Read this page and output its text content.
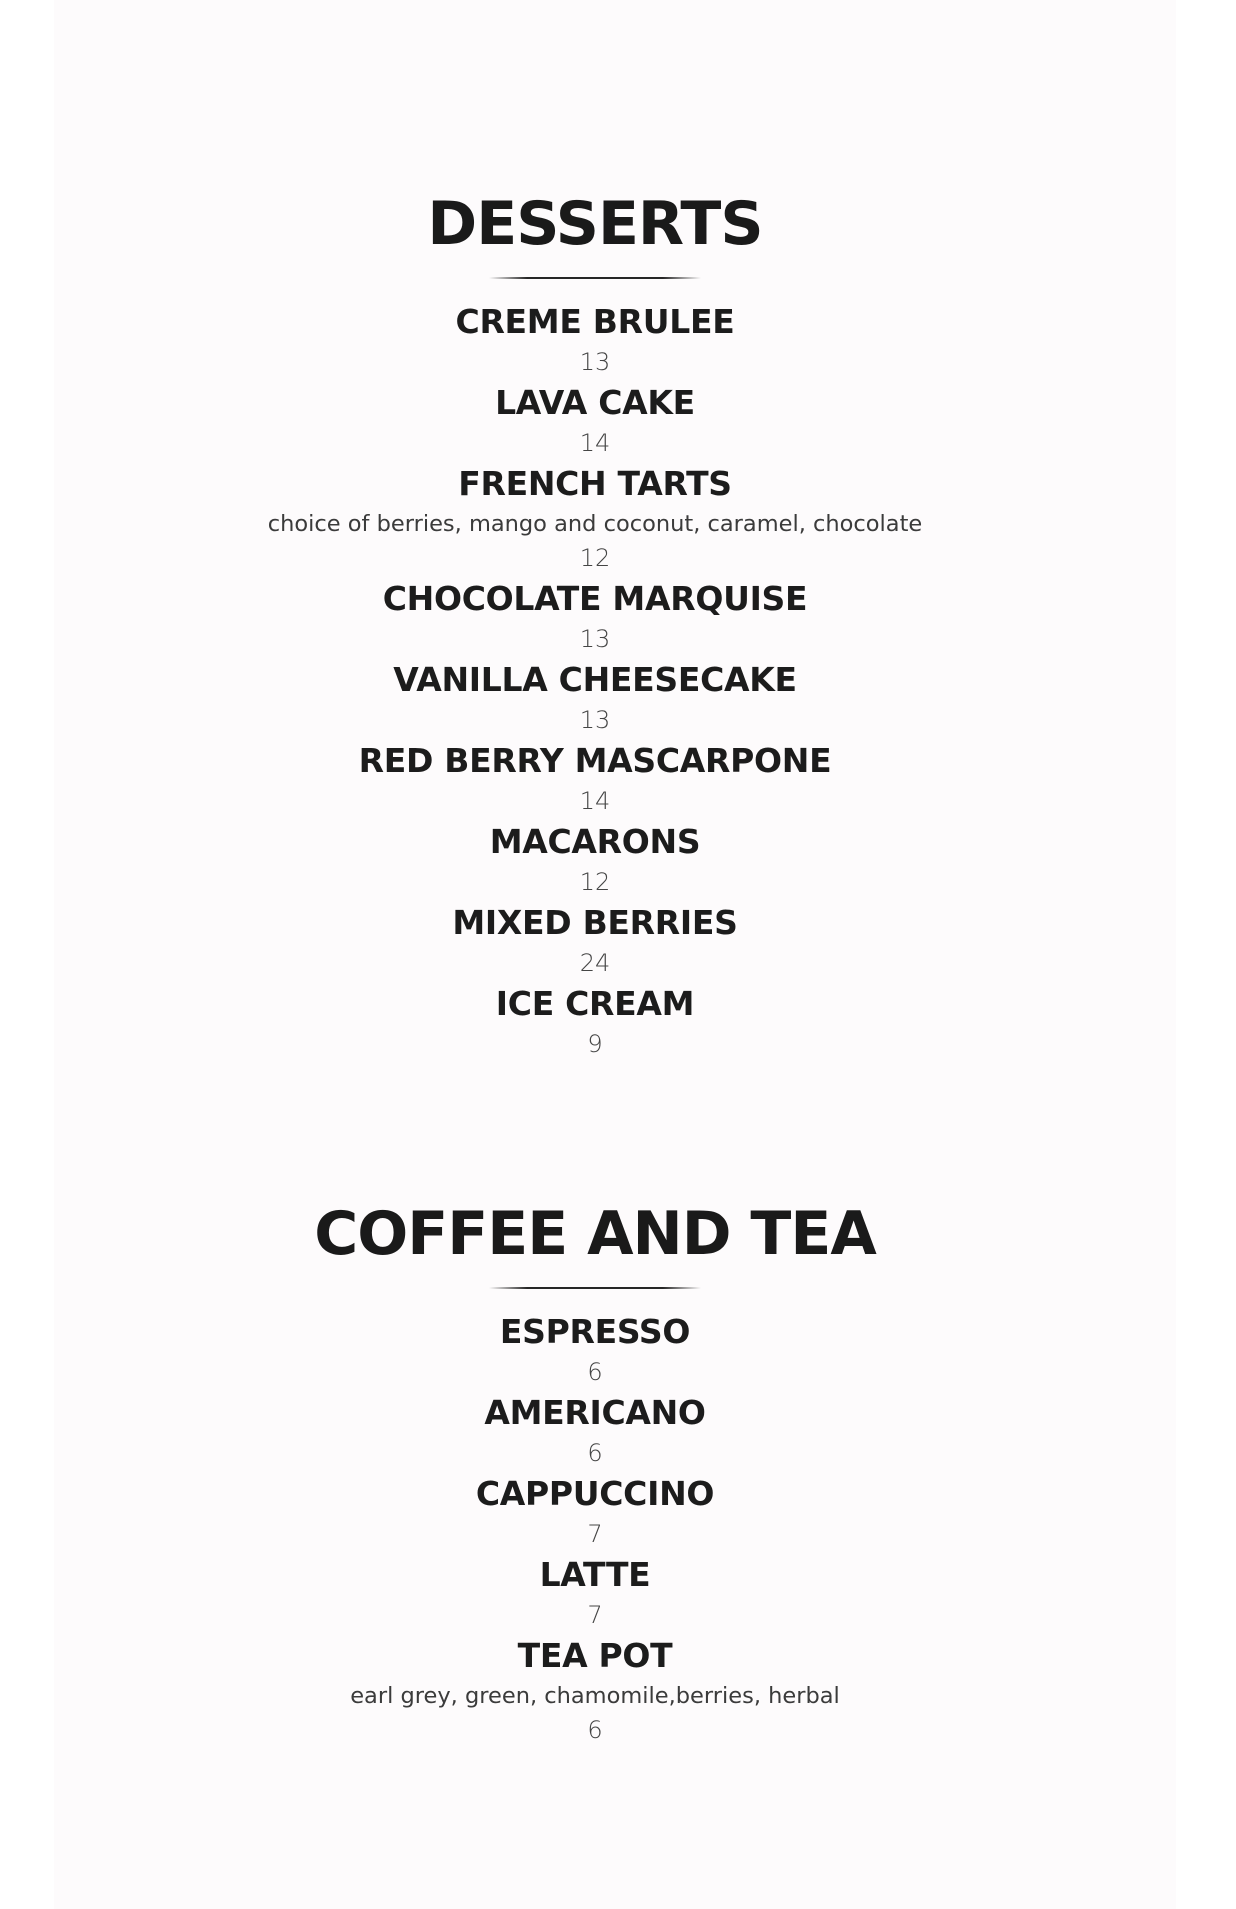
DESSERTS
CREME BRULEE
13
LAVA CAKE
14
FRENCH TARTS
choice of berries, mango and coconut, caramel, chocolate
12
CHOCOLATE MARQUISE
13
VANILLA CHEESECAKE
13
RED BERRY MASCARPONE
14
MACARONS
12
MIXED BERRIES
24
ICE CREAM
9
COFFEE AND TEA
ESPRESSO
6
AMERICANO
6
CAPPUCCINO
7
LATTE
7
TEA POT
earl grey, green, chamomile,berries, herbal
6
